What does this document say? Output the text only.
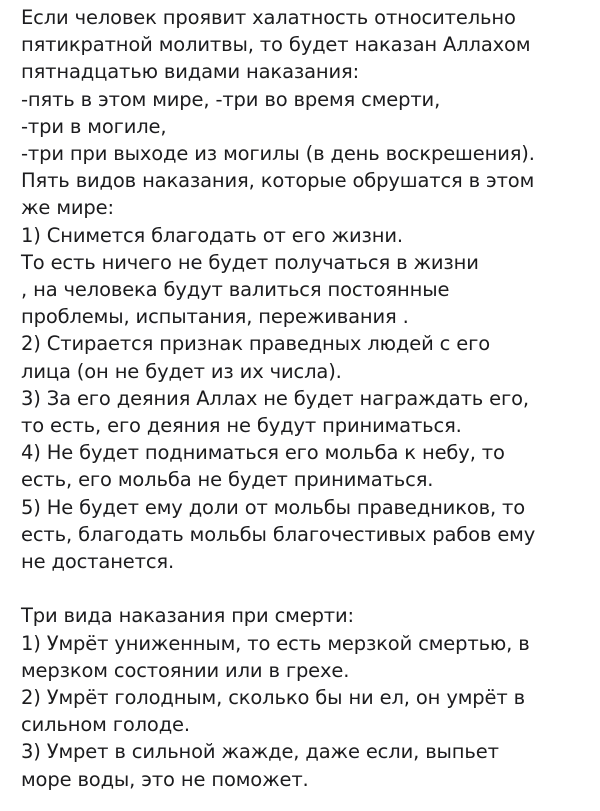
Если человек проявит халатность относительно
пятикратной молитвы, то будет наказан Аллахом
пятнадцатью видами наказания:
-пять в этом мире, -три во время смерти,
-три в могиле,
-три при выходе из могилы (в день воскрешения).
Пять видов наказания, которые обрушатся в этом
же мире:
1) Снимется благодать от его жизни.
То есть ничего не будет получаться в жизни
, на человека будут валиться постоянные
проблемы, испытания, переживания .
2) Стирается признак праведных людей с его
лица (он не будет из их числа).
3) За его деяния Аллах не будет награждать его,
то есть, его деяния не будут приниматься.
4) Не будет подниматься его мольба к небу, то
есть, его мольба не будет приниматься.
5) Не будет ему доли от мольбы праведников, то
есть, благодать мольбы благочестивых рабов ему
не достанется.
Три вида наказания при смерти:
1) Умрёт униженным, то есть мерзкой смертью, в
мерзком состоянии или в грехе.
2) Умрёт голодным, сколько бы ни ел, он умрёт в
сильном голоде.
3) Умрет в сильной жажде, даже если, выпьет
море воды, это не поможет.
